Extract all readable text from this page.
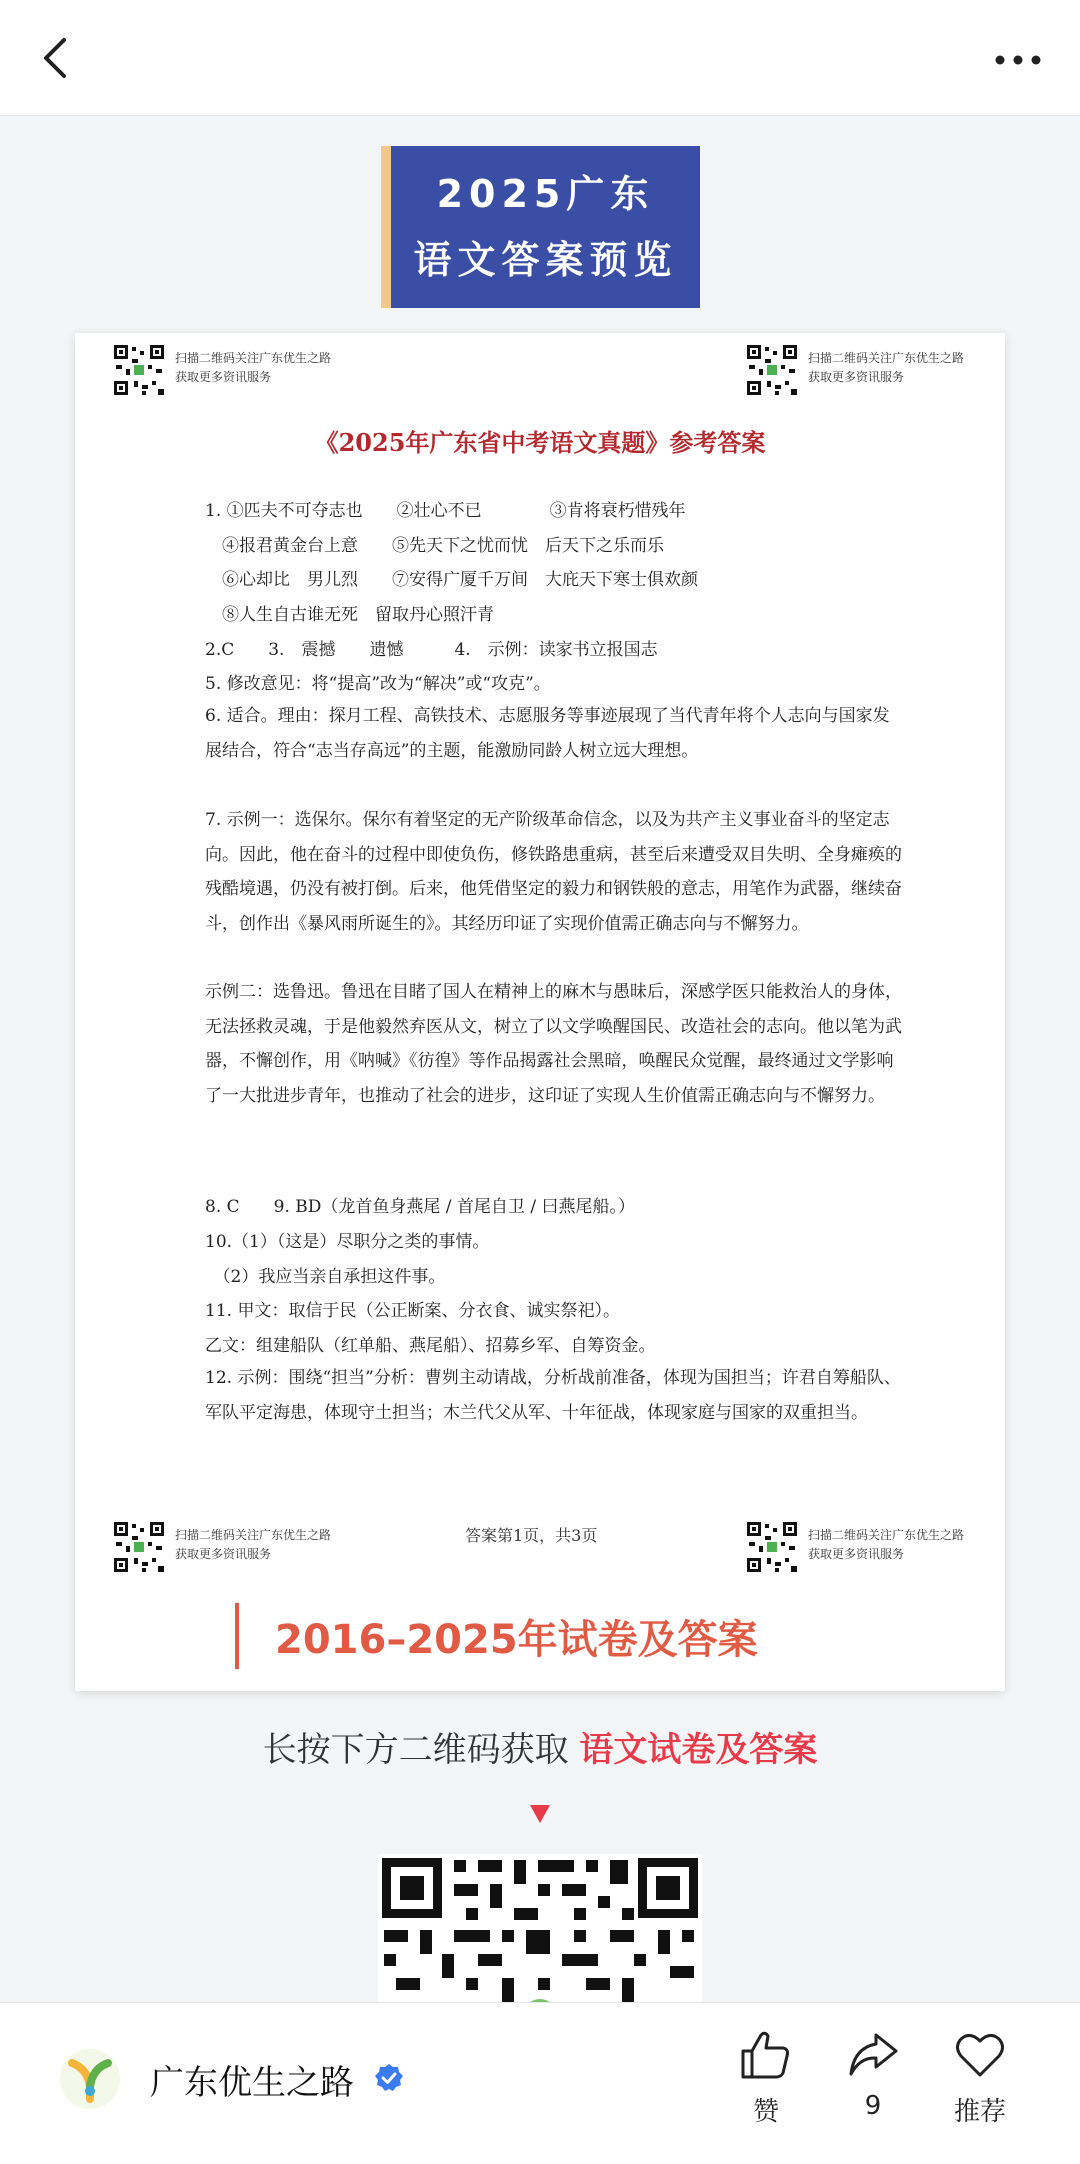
2025广东
语文答案预览
扫描二维码关注广东优生之路
获取更多资讯服务
扫描二维码关注广东优生之路
获取更多资讯服务
《2025年广东省中考语文真题》参考答案
1. ①匹夫不可夺志也　　②壮心不已　　　　③肯将衰朽惜残年
　④报君黄金台上意　　⑤先天下之忧而忧　后天下之乐而乐
　⑥心却比　男儿烈　　⑦安得广厦千万间　大庇天下寒士俱欢颜
　⑧人生自古谁无死　留取丹心照汗青
2.C　　3.　震撼　　遗憾　　　4.　示例：读家书立报国志
5. 修改意见：将“提高”改为“解决”或“攻克”。
6. 适合。理由：探月工程、高铁技术、志愿服务等事迹展现了当代青年将个人志向与国家发展结合，符合“志当存高远”的主题，能激励同龄人树立远大理想。
7. 示例一：选保尔。保尔有着坚定的无产阶级革命信念，以及为共产主义事业奋斗的坚定志向。因此，他在奋斗的过程中即使负伤，修铁路患重病，甚至后来遭受双目失明、全身瘫痪的残酷境遇，仍没有被打倒。后来，他凭借坚定的毅力和钢铁般的意志，用笔作为武器，继续奋斗，创作出《暴风雨所诞生的》。其经历印证了实现价值需正确志向与不懈努力。
示例二：选鲁迅。鲁迅在目睹了国人在精神上的麻木与愚昧后，深感学医只能救治人的身体，无法拯救灵魂，于是他毅然弃医从文，树立了以文学唤醒国民、改造社会的志向。他以笔为武器，不懈创作，用《呐喊》《彷徨》等作品揭露社会黑暗，唤醒民众觉醒，最终通过文学影响了一大批进步青年，也推动了社会的进步，这印证了实现人生价值需正确志向与不懈努力。
8. C　　9. BD（龙首鱼身燕尾 / 首尾自卫 / 曰燕尾船。）
10.（1）（这是）尽职分之类的事情。
　（2）我应当亲自承担这件事。
11. 甲文：取信于民（公正断案、分衣食、诚实祭祀）。
乙文：组建船队（红单船、燕尾船）、招募乡军、自筹资金。
12. 示例：围绕“担当”分析：曹刿主动请战，分析战前准备，体现为国担当；许君自筹船队、军队平定海患，体现守土担当；木兰代父从军、十年征战，体现家庭与国家的双重担当。
扫描二维码关注广东优生之路
获取更多资讯服务
答案第1页，共3页	扫描二维码关注广东优生之路
获取更多资讯服务
2016–2025年试卷及答案
长按下方二维码获取 语文试卷及答案
广东优生之路
赞	9	推荐
